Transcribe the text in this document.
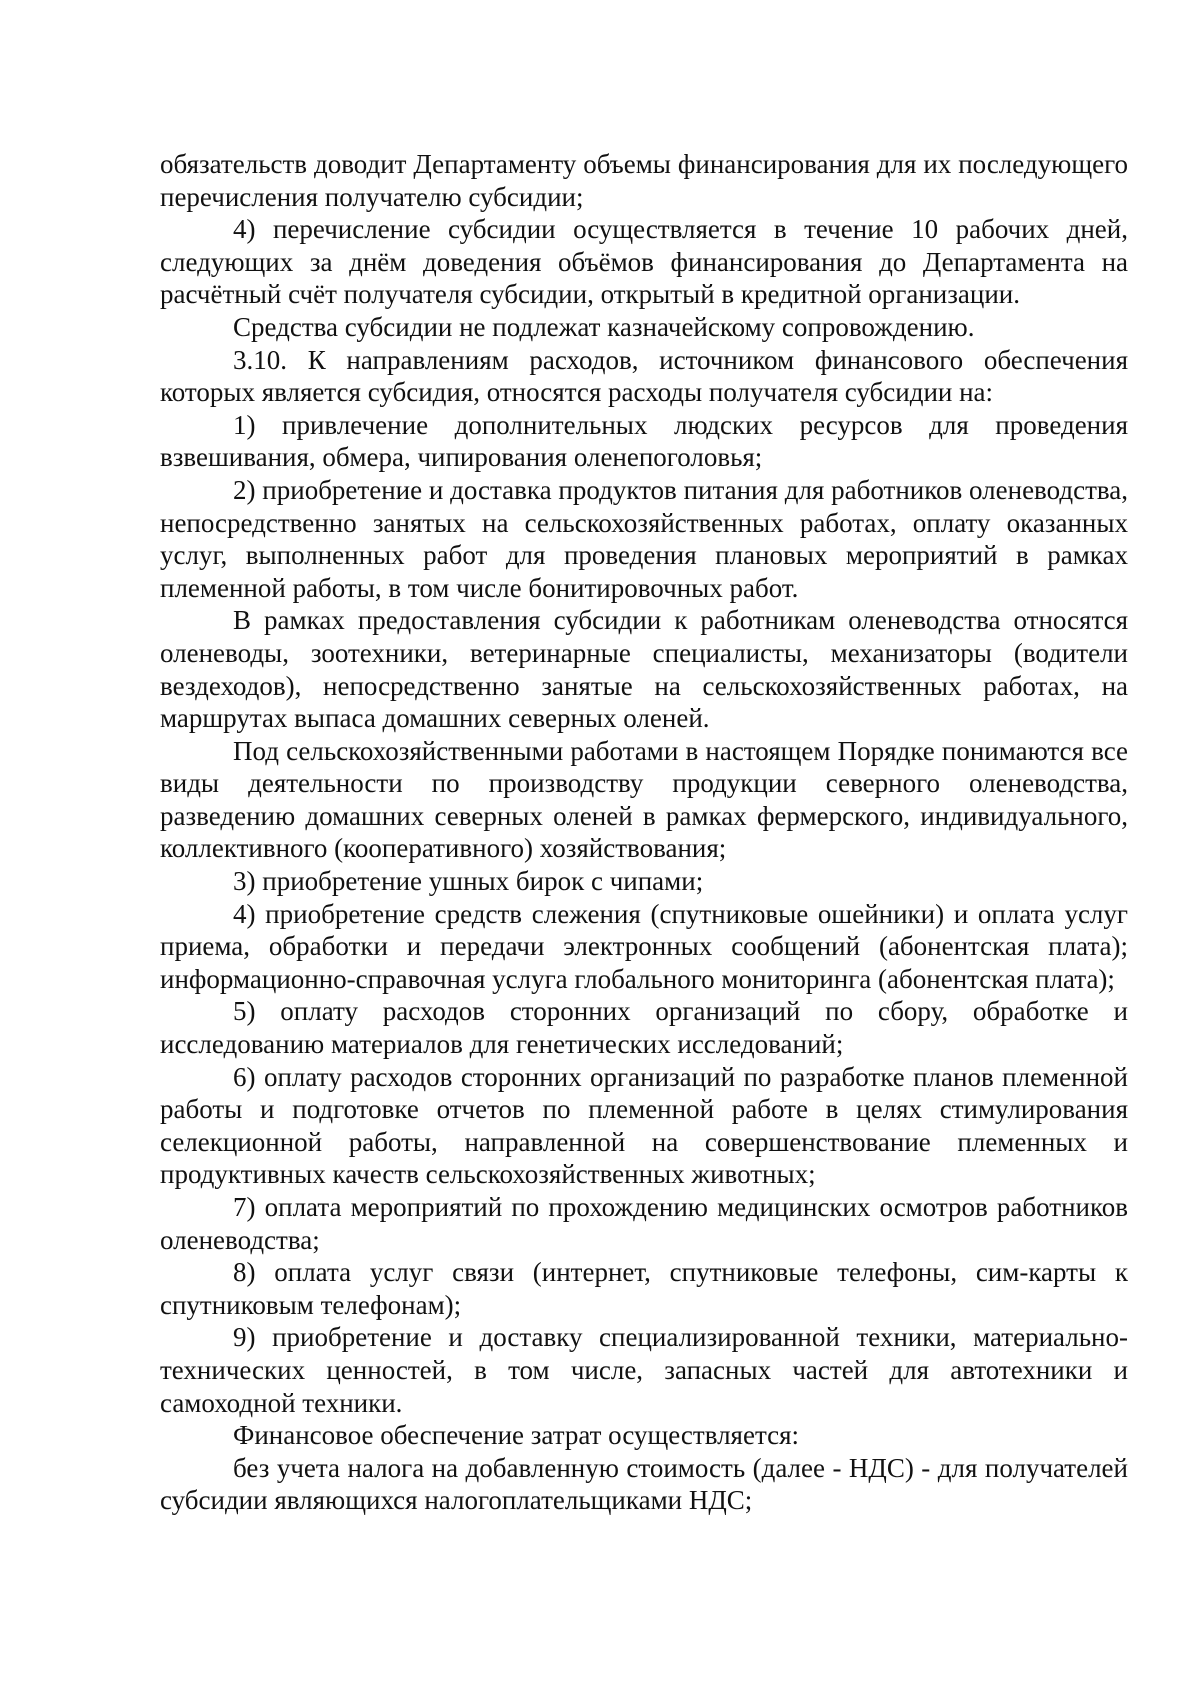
обязательств доводит Департаменту объемы финансирования для их последующего перечисления получателю субсидии;

4) перечисление субсидии осуществляется в течение 10 рабочих дней, следующих за днём доведения объёмов финансирования до Департамента на расчётный счёт получателя субсидии, открытый в кредитной организации.

Средства субсидии не подлежат казначейскому сопровождению.

3.10. К направлениям расходов, источником финансового обеспечения которых является субсидия, относятся расходы получателя субсидии на:

1) привлечение дополнительных людских ресурсов для проведения взвешивания, обмера, чипирования оленепоголовья;

2) приобретение и доставка продуктов питания для работников оленеводства, непосредственно занятых на сельскохозяйственных работах, оплату оказанных услуг, выполненных работ для проведения плановых мероприятий в рамках племенной работы, в том числе бонитировочных работ.

В рамках предоставления субсидии к работникам оленеводства относятся оленеводы, зоотехники, ветеринарные специалисты, механизаторы (водители вездеходов), непосредственно занятые на сельскохозяйственных работах, на маршрутах выпаса домашних северных оленей.

Под сельскохозяйственными работами в настоящем Порядке понимаются все виды деятельности по производству продукции северного оленеводства, разведению домашних северных оленей в рамках фермерского, индивидуального, коллективного (кооперативного) хозяйствования;

3) приобретение ушных бирок с чипами;

4) приобретение средств слежения (спутниковые ошейники) и оплата услуг приема, обработки и передачи электронных сообщений (абонентская плата); информационно-справочная услуга глобального мониторинга (абонентская плата);

5) оплату расходов сторонних организаций по сбору, обработке и исследованию материалов для генетических исследований;

6) оплату расходов сторонних организаций по разработке планов племенной работы и подготовке отчетов по племенной работе в целях стимулирования селекционной работы, направленной на совершенствование племенных и продуктивных качеств сельскохозяйственных животных;

7) оплата мероприятий по прохождению медицинских осмотров работников оленеводства;

8) оплата услуг связи (интернет, спутниковые телефоны, сим-карты к спутниковым телефонам);

9) приобретение и доставку специализированной техники, материально-технических ценностей, в том числе, запасных частей для автотехники и самоходной техники.

Финансовое обеспечение затрат осуществляется:

без учета налога на добавленную стоимость (далее - НДС) - для получателей субсидии являющихся налогоплательщиками НДС;
